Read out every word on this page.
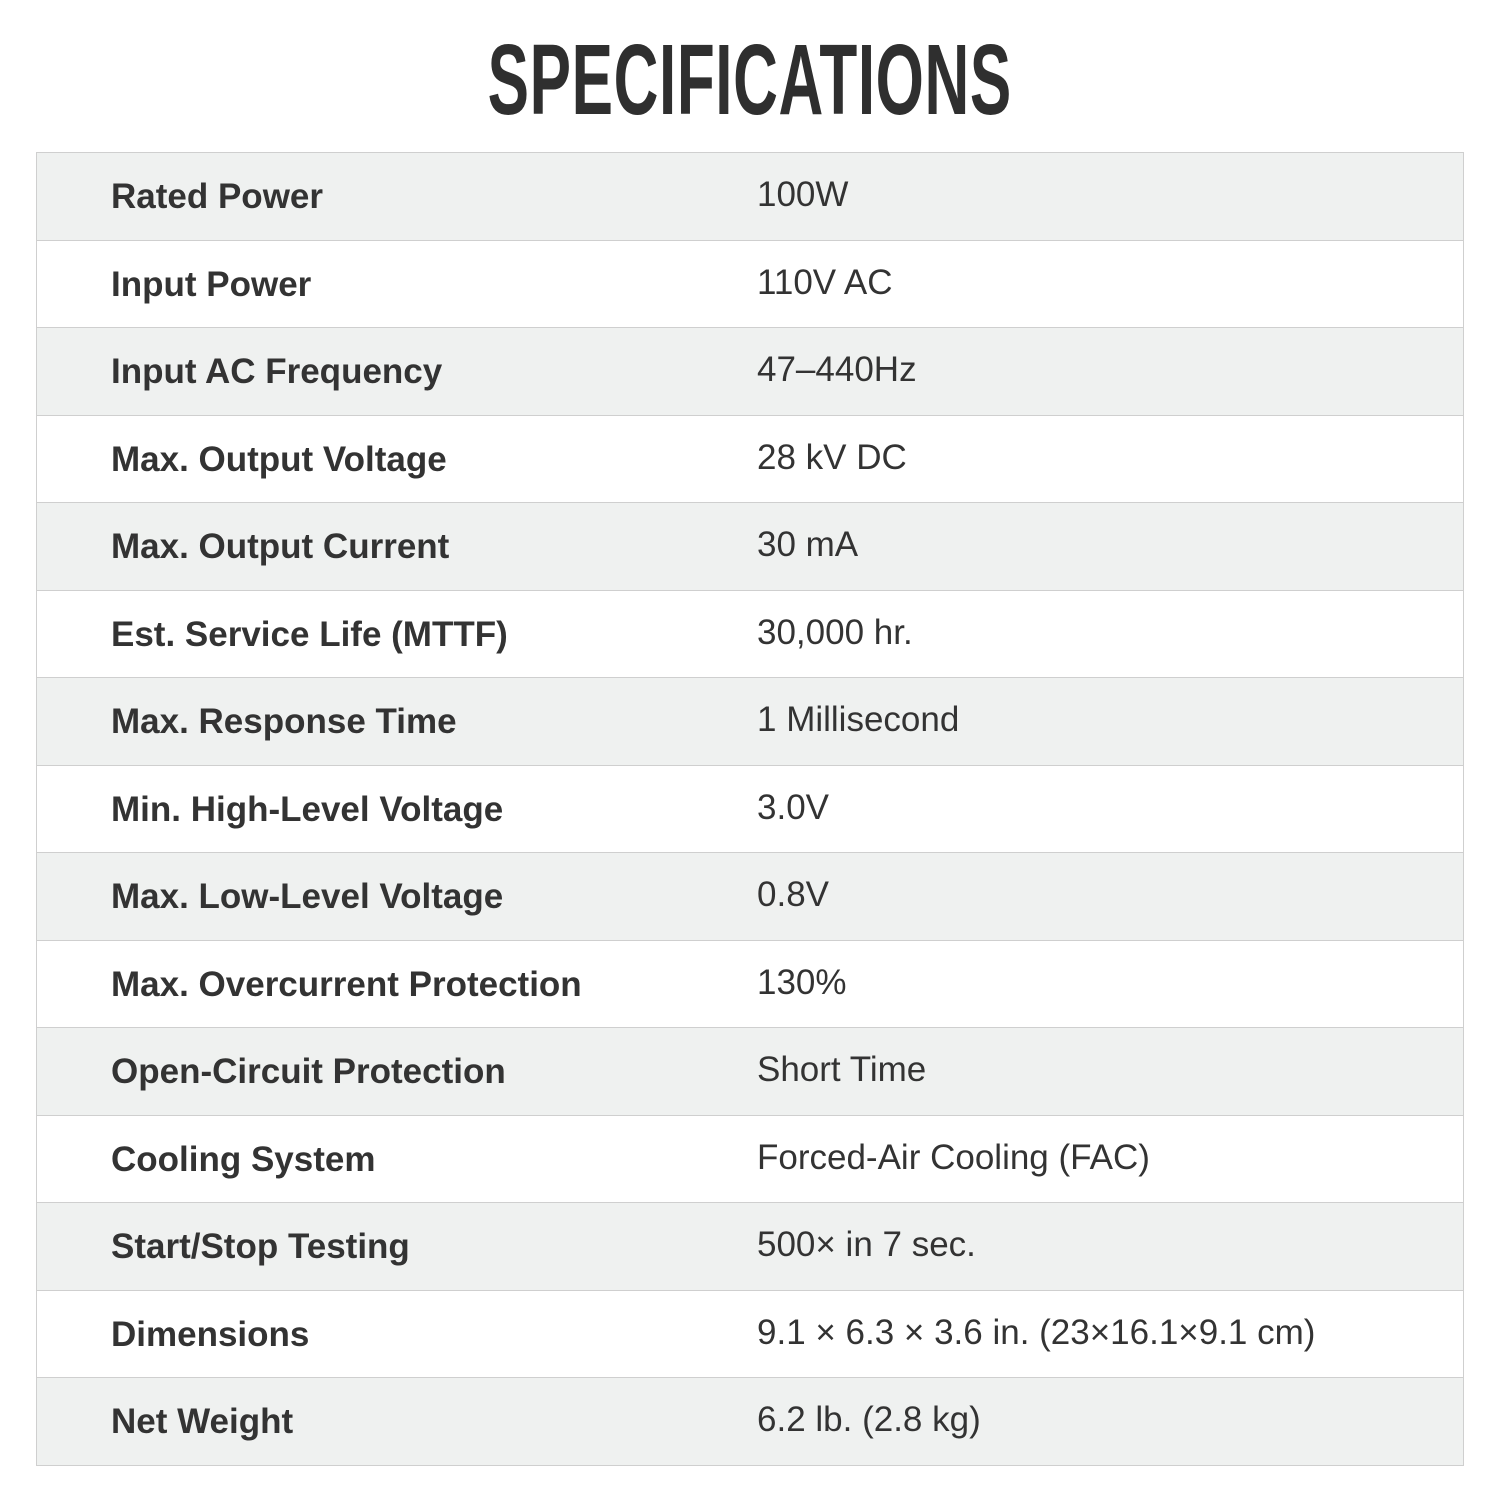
SPECIFICATIONS
Rated Power	100W
Input Power	110V AC
Input AC Frequency	47–440Hz
Max. Output Voltage	28 kV DC
Max. Output Current	30 mA
Est. Service Life (MTTF)	30,000 hr.
Max. Response Time	1 Millisecond
Min. High-Level Voltage	3.0V
Max. Low-Level Voltage	0.8V
Max. Overcurrent Protection	130%
Open-Circuit Protection	Short Time
Cooling System	Forced-Air Cooling (FAC)
Start/Stop Testing	500× in 7 sec.
Dimensions	9.1 × 6.3 × 3.6 in. (23×16.1×9.1 cm)
Net Weight	6.2 lb. (2.8 kg)
